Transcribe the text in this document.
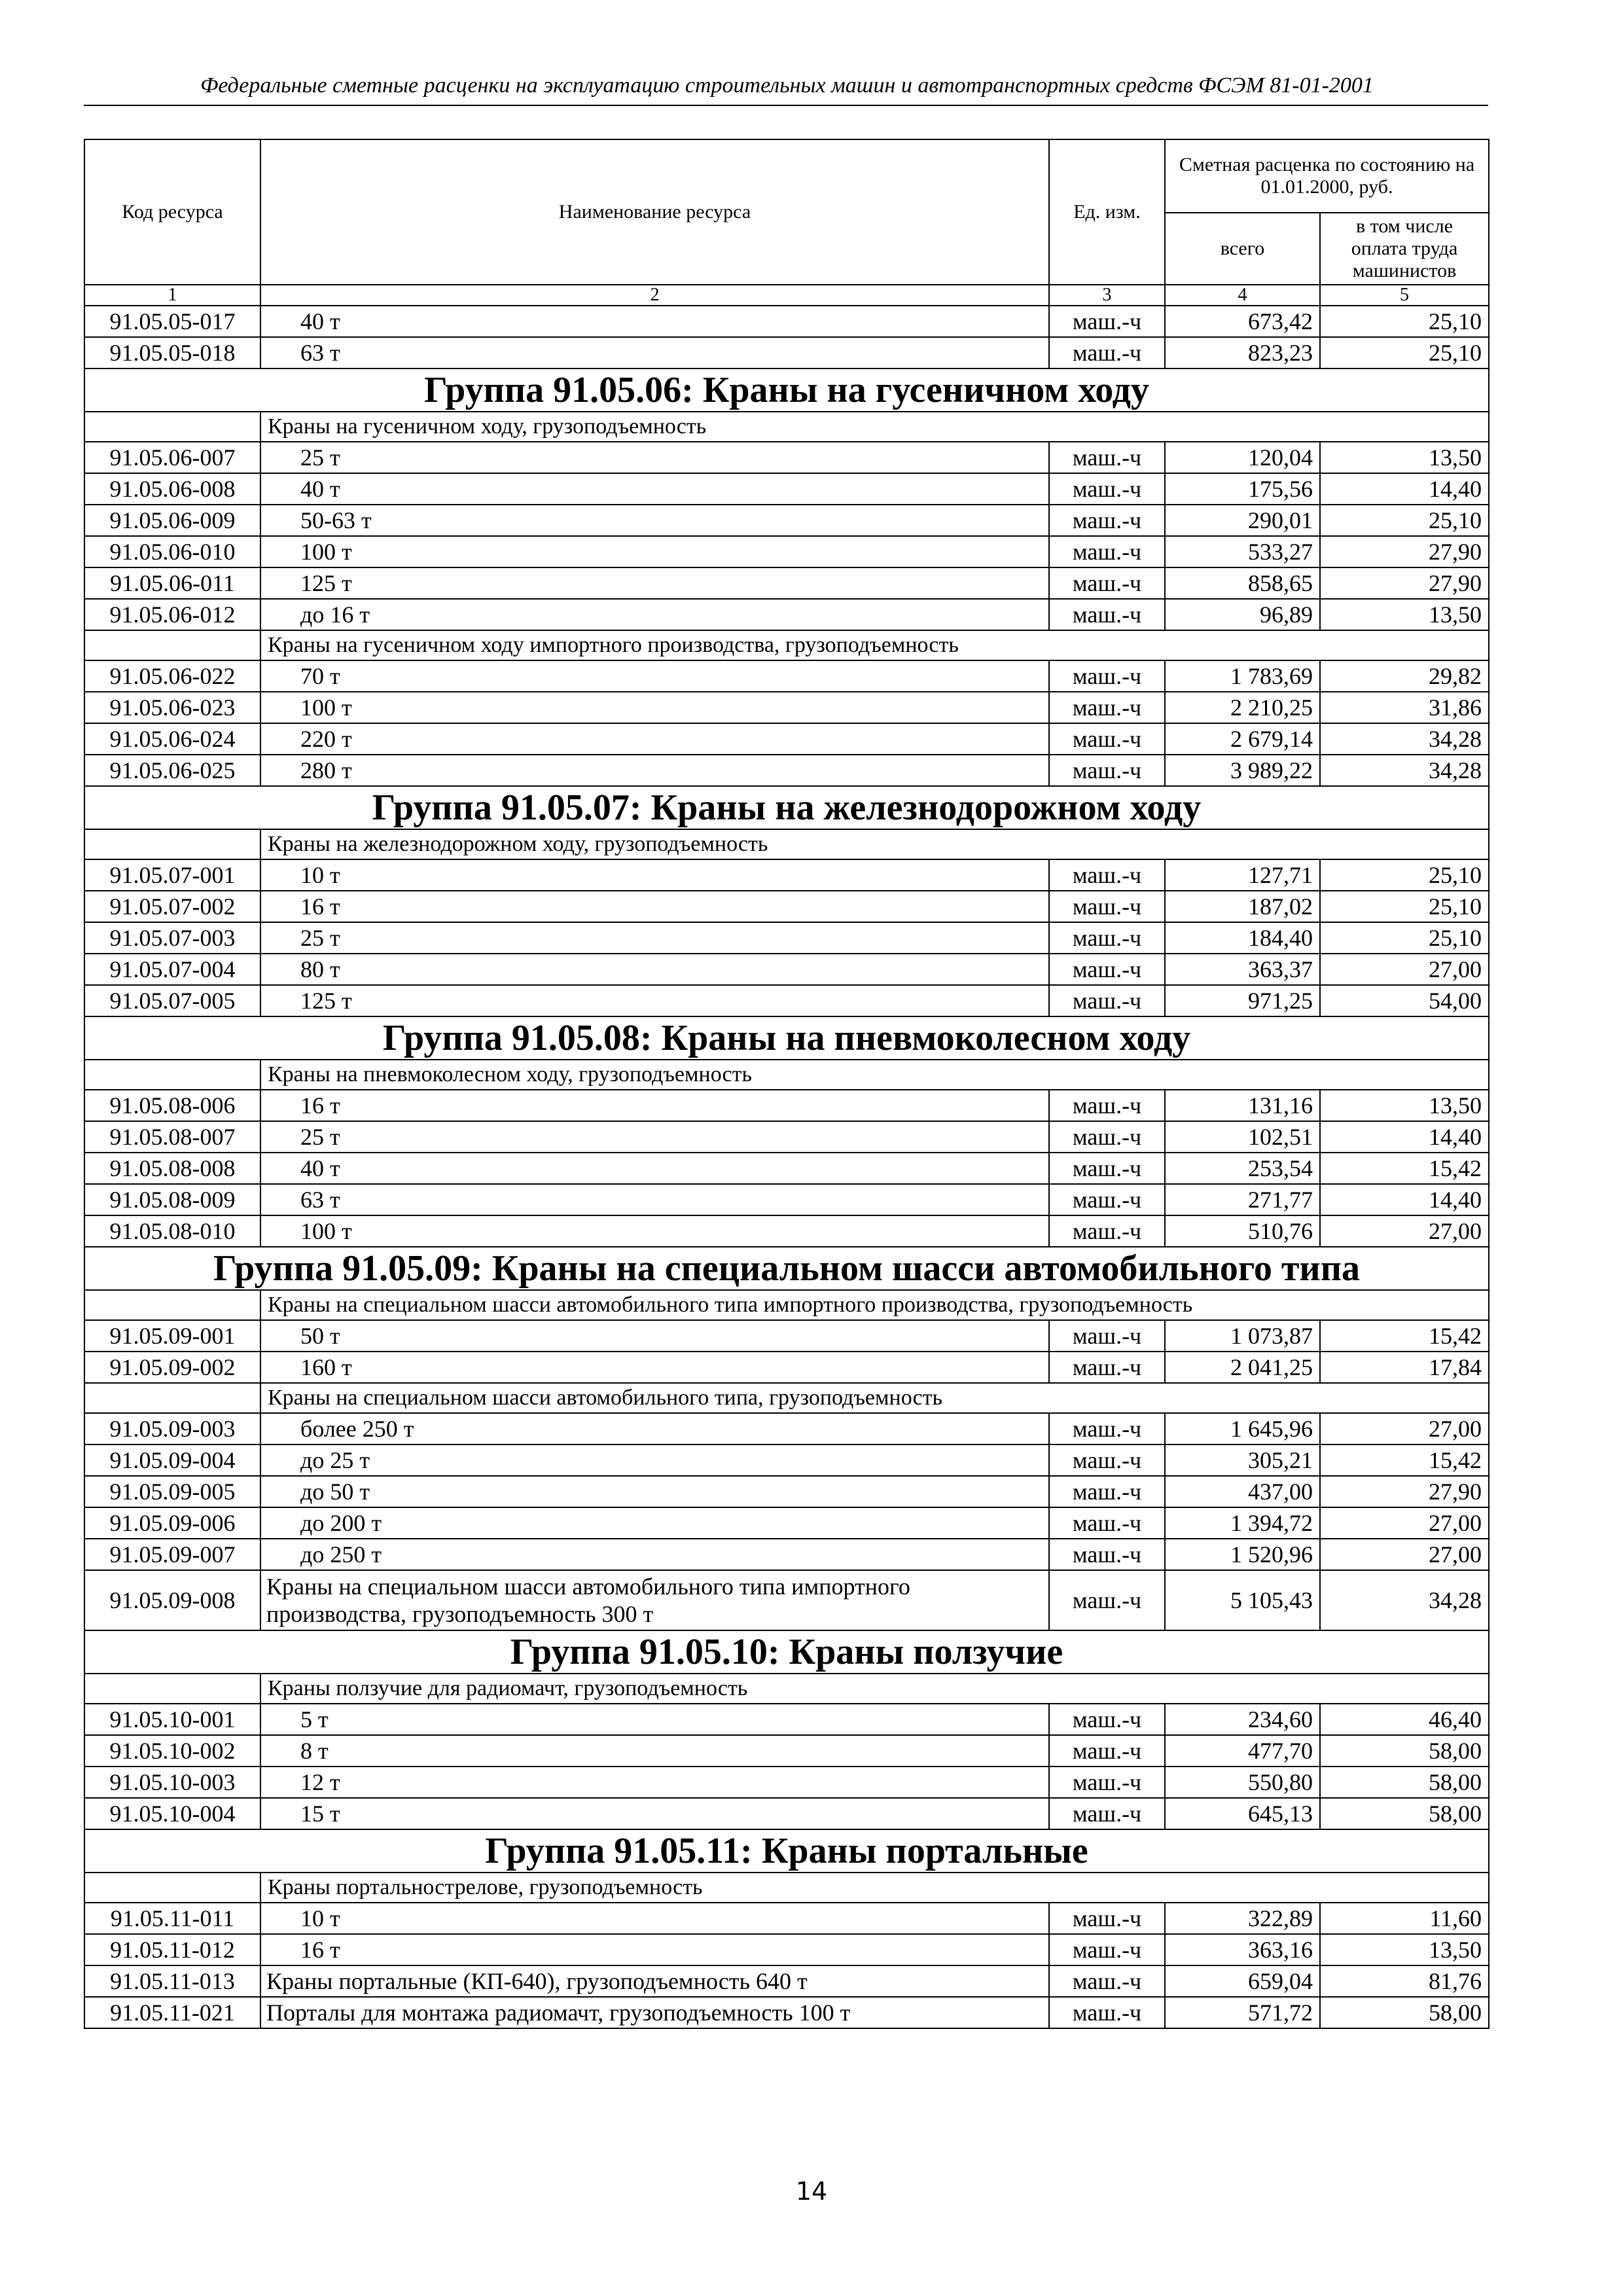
Федеральные сметные расценки на эксплуатацию строительных машин и автотранспортных средств ФСЭМ 81-01-2001
Код ресурса	Наименование ресурса	Ед. изм.	Сметная расценка по состоянию на 01.01.2000, руб.	
			всего	в том числе оплата труда машинистов
1	2	3	4	5
91.05.05-017	40 т	маш.-ч	673,42	25,10
91.05.05-018	63 т	маш.-ч	823,23	25,10
Группа 91.05.06: Краны на гусеничном ходу				
	Краны на гусеничном ходу, грузоподъемность			
91.05.06-007	25 т	маш.-ч	120,04	13,50
91.05.06-008	40 т	маш.-ч	175,56	14,40
91.05.06-009	50-63 т	маш.-ч	290,01	25,10
91.05.06-010	100 т	маш.-ч	533,27	27,90
91.05.06-011	125 т	маш.-ч	858,65	27,90
91.05.06-012	до 16 т	маш.-ч	96,89	13,50
	Краны на гусеничном ходу импортного производства, грузоподъемность			
91.05.06-022	70 т	маш.-ч	1 783,69	29,82
91.05.06-023	100 т	маш.-ч	2 210,25	31,86
91.05.06-024	220 т	маш.-ч	2 679,14	34,28
91.05.06-025	280 т	маш.-ч	3 989,22	34,28
Группа 91.05.07: Краны на железнодорожном ходу				
	Краны на железнодорожном ходу, грузоподъемность			
91.05.07-001	10 т	маш.-ч	127,71	25,10
91.05.07-002	16 т	маш.-ч	187,02	25,10
91.05.07-003	25 т	маш.-ч	184,40	25,10
91.05.07-004	80 т	маш.-ч	363,37	27,00
91.05.07-005	125 т	маш.-ч	971,25	54,00
Группа 91.05.08: Краны на пневмоколесном ходу				
	Краны на пневмоколесном ходу, грузоподъемность			
91.05.08-006	16 т	маш.-ч	131,16	13,50
91.05.08-007	25 т	маш.-ч	102,51	14,40
91.05.08-008	40 т	маш.-ч	253,54	15,42
91.05.08-009	63 т	маш.-ч	271,77	14,40
91.05.08-010	100 т	маш.-ч	510,76	27,00
Группа 91.05.09: Краны на специальном шасси автомобильного типа				
	Краны на специальном шасси автомобильного типа импортного производства, грузоподъемность			
91.05.09-001	50 т	маш.-ч	1 073,87	15,42
91.05.09-002	160 т	маш.-ч	2 041,25	17,84
	Краны на специальном шасси автомобильного типа, грузоподъемность			
91.05.09-003	более 250 т	маш.-ч	1 645,96	27,00
91.05.09-004	до 25 т	маш.-ч	305,21	15,42
91.05.09-005	до 50 т	маш.-ч	437,00	27,90
91.05.09-006	до 200 т	маш.-ч	1 394,72	27,00
91.05.09-007	до 250 т	маш.-ч	1 520,96	27,00
91.05.09-008	Краны на специальном шасси автомобильного типа импортного производства, грузоподъемность 300 т	маш.-ч	5 105,43	34,28
Группа 91.05.10: Краны ползучие				
	Краны ползучие для радиомачт, грузоподъемность			
91.05.10-001	5 т	маш.-ч	234,60	46,40
91.05.10-002	8 т	маш.-ч	477,70	58,00
91.05.10-003	12 т	маш.-ч	550,80	58,00
91.05.10-004	15 т	маш.-ч	645,13	58,00
Группа 91.05.11: Краны портальные				
	Краны портальнострелове, грузоподъемность			
91.05.11-011	10 т	маш.-ч	322,89	11,60
91.05.11-012	16 т	маш.-ч	363,16	13,50
91.05.11-013	Краны портальные (КП-640), грузоподъемность 640 т	маш.-ч	659,04	81,76
91.05.11-021	Порталы для монтажа радиомачт, грузоподъемность 100 т	маш.-ч	571,72	58,00
14
